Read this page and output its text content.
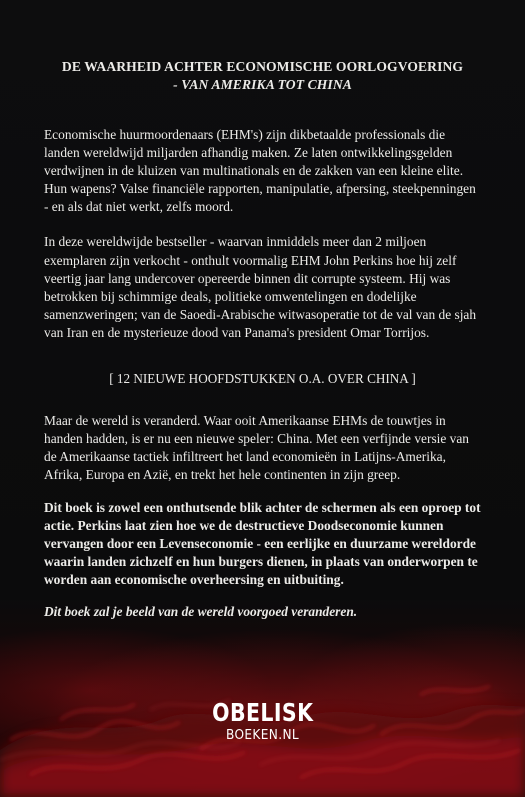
DE WAARHEID ACHTER ECONOMISCHE OORLOGVOERING
- VAN AMERIKA TOT CHINA

Economische huurmoordenaars (EHM's) zijn dikbetaalde professionals die landen wereldwijd miljarden afhandig maken. Ze laten ontwikkelingsgelden verdwijnen in de kluizen van multinationals en de zakken van een kleine elite. Hun wapens? Valse financiële rapporten, manipulatie, afpersing, steekpenningen - en als dat niet werkt, zelfs moord.

In deze wereldwijde bestseller - waarvan inmiddels meer dan 2 miljoen exemplaren zijn verkocht - onthult voormalig EHM John Perkins hoe hij zelf veertig jaar lang undercover opereerde binnen dit corrupte systeem. Hij was betrokken bij schimmige deals, politieke omwentelingen en dodelijke samenzweringen; van de Saoedi-Arabische witwasoperatie tot de val van de sjah van Iran en de mysterieuze dood van Panama's president Omar Torrijos.

[ 12 NIEUWE HOOFDSTUKKEN O.A. OVER CHINA ]

Maar de wereld is veranderd. Waar ooit Amerikaanse EHMs de touwtjes in handen hadden, is er nu een nieuwe speler: China. Met een verfijnde versie van de Amerikaanse tactiek infiltreert het land economieën in Latijns-Amerika, Afrika, Europa en Azië, en trekt het hele continenten in zijn greep.

Dit boek is zowel een onthutsende blik achter de schermen als een oproep tot actie. Perkins laat zien hoe we de destructieve Doodseconomie kunnen vervangen door een Levenseconomie - een eerlijke en duurzame wereldorde waarin landen zichzelf en hun burgers dienen, in plaats van onderworpen te worden aan economische overheersing en uitbuiting.

Dit boek zal je beeld van de wereld voorgoed veranderen.

OBELISK
BOEKEN.NL
